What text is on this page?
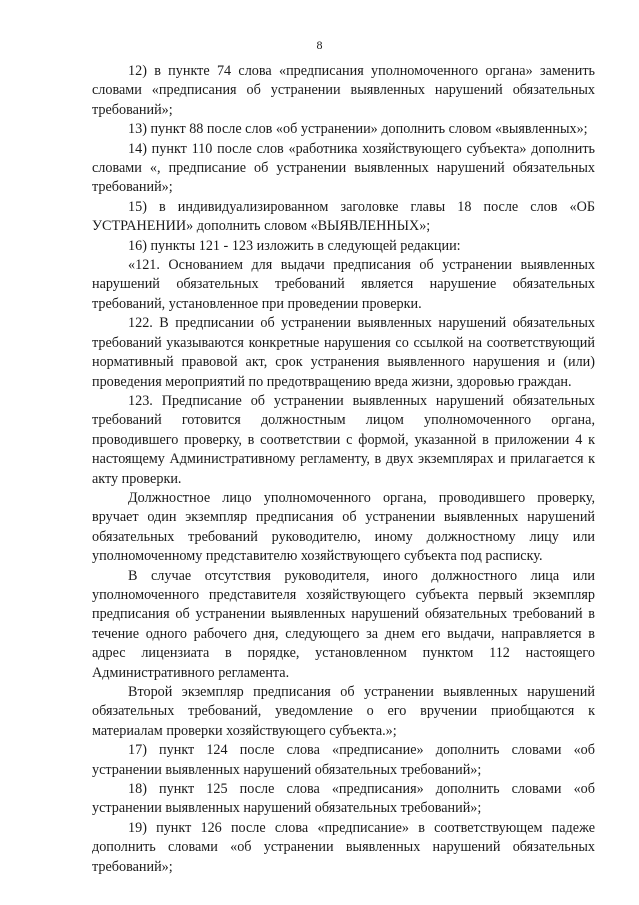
8

12) в пункте 74 слова «предписания уполномоченного органа» заменить словами «предписания об устранении выявленных нарушений обязательных требований»;

13) пункт 88 после слов «об устранении» дополнить словом «выявленных»;

14) пункт 110 после слов «работника хозяйствующего субъекта» дополнить словами «, предписание об устранении выявленных нарушений обязательных требований»;

15) в индивидуализированном заголовке главы 18 после слов «ОБ УСТРАНЕНИИ» дополнить словом «ВЫЯВЛЕННЫХ»;

16) пункты 121 - 123 изложить в следующей редакции:

«121. Основанием для выдачи предписания об устранении выявленных нарушений обязательных требований является нарушение обязательных требований, установленное при проведении проверки.

122. В предписании об устранении выявленных нарушений обязательных требований указываются конкретные нарушения со ссылкой на соответствующий нормативный правовой акт, срок устранения выявленного нарушения и (или) проведения мероприятий по предотвращению вреда жизни, здоровью граждан.

123. Предписание об устранении выявленных нарушений обязательных требований готовится должностным лицом уполномоченного органа, проводившего проверку, в соответствии с формой, указанной в приложении 4 к настоящему Административному регламенту, в двух экземплярах и прилагается к акту проверки.

Должностное лицо уполномоченного органа, проводившего проверку, вручает один экземпляр предписания об устранении выявленных нарушений обязательных требований руководителю, иному должностному лицу или уполномоченному представителю хозяйствующего субъекта под расписку.

В случае отсутствия руководителя, иного должностного лица или уполномоченного представителя хозяйствующего субъекта первый экземпляр предписания об устранении выявленных нарушений обязательных требований в течение одного рабочего дня, следующего за днем его выдачи, направляется в адрес лицензиата в порядке, установленном пунктом 112 настоящего Административного регламента.

Второй экземпляр предписания об устранении выявленных нарушений обязательных требований, уведомление о его вручении приобщаются к материалам проверки хозяйствующего субъекта.»;

17) пункт 124 после слова «предписание» дополнить словами «об устранении выявленных нарушений обязательных требований»;

18) пункт 125 после слова «предписания» дополнить словами «об устранении выявленных нарушений обязательных требований»;

19) пункт 126 после слова «предписание» в соответствующем падеже дополнить словами «об устранении выявленных нарушений обязательных требований»;
